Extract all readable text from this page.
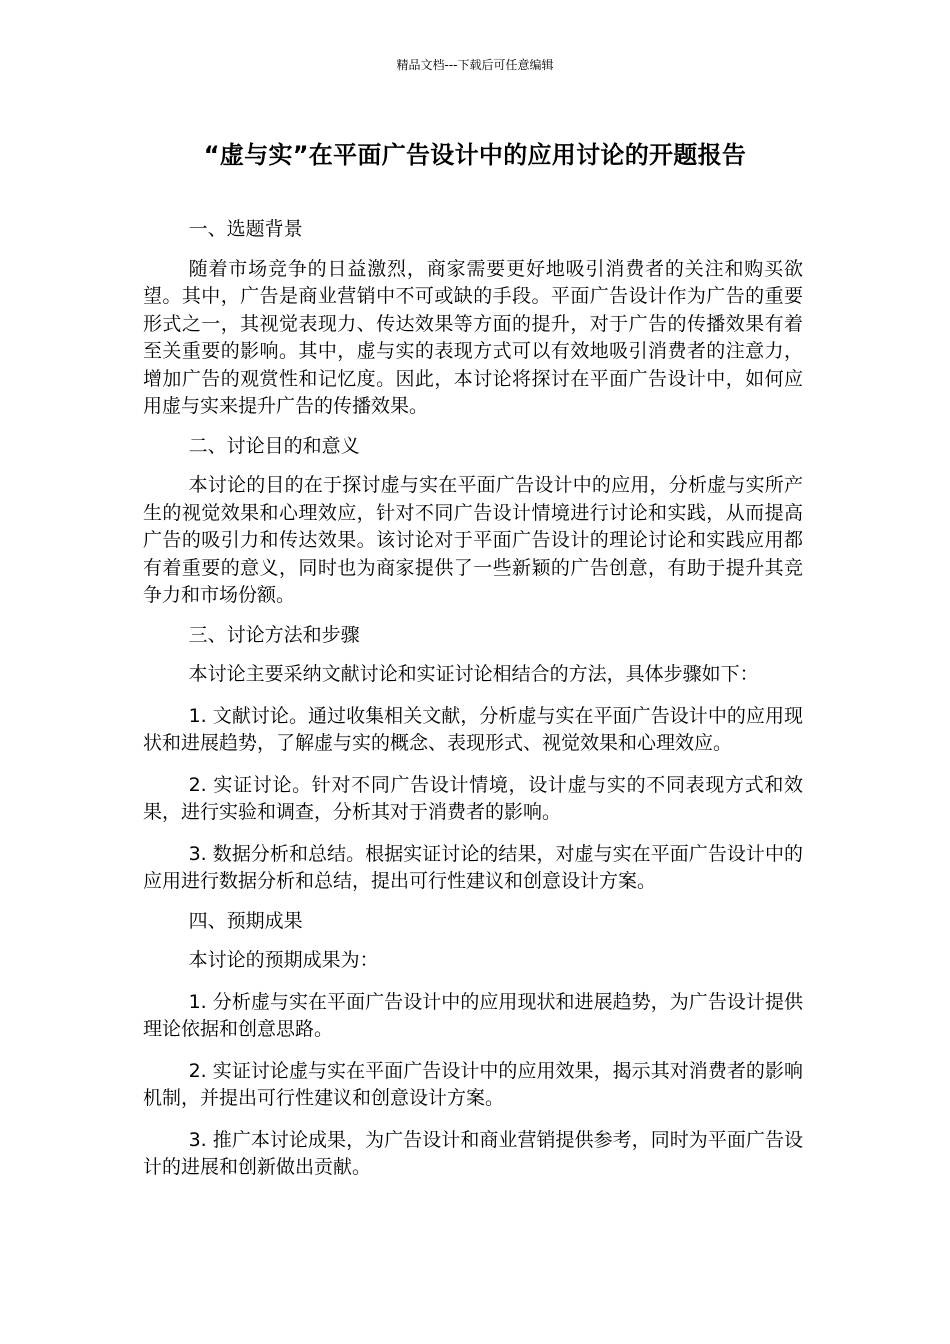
精品文档---下载后可任意编辑
“虚与实”在平面广告设计中的应用讨论的开题报告

一、选题背景

随着市场竞争的日益激烈，商家需要更好地吸引消费者的关注和购买欲望。其中，广告是商业营销中不可或缺的手段。平面广告设计作为广告的重要形式之一，其视觉表现力、传达效果等方面的提升，对于广告的传播效果有着至关重要的影响。其中，虚与实的表现方式可以有效地吸引消费者的注意力，增加广告的观赏性和记忆度。因此，本讨论将探讨在平面广告设计中，如何应用虚与实来提升广告的传播效果。

二、讨论目的和意义

本讨论的目的在于探讨虚与实在平面广告设计中的应用，分析虚与实所产生的视觉效果和心理效应，针对不同广告设计情境进行讨论和实践，从而提高广告的吸引力和传达效果。该讨论对于平面广告设计的理论讨论和实践应用都有着重要的意义，同时也为商家提供了一些新颖的广告创意，有助于提升其竞争力和市场份额。

三、讨论方法和步骤

本讨论主要采纳文献讨论和实证讨论相结合的方法，具体步骤如下：

1. 文献讨论。通过收集相关文献，分析虚与实在平面广告设计中的应用现状和进展趋势，了解虚与实的概念、表现形式、视觉效果和心理效应。

2. 实证讨论。针对不同广告设计情境，设计虚与实的不同表现方式和效果，进行实验和调查，分析其对于消费者的影响。

3. 数据分析和总结。根据实证讨论的结果，对虚与实在平面广告设计中的应用进行数据分析和总结，提出可行性建议和创意设计方案。

四、预期成果

本讨论的预期成果为：

1. 分析虚与实在平面广告设计中的应用现状和进展趋势，为广告设计提供理论依据和创意思路。

2. 实证讨论虚与实在平面广告设计中的应用效果，揭示其对消费者的影响机制，并提出可行性建议和创意设计方案。

3. 推广本讨论成果，为广告设计和商业营销提供参考，同时为平面广告设计的进展和创新做出贡献。
